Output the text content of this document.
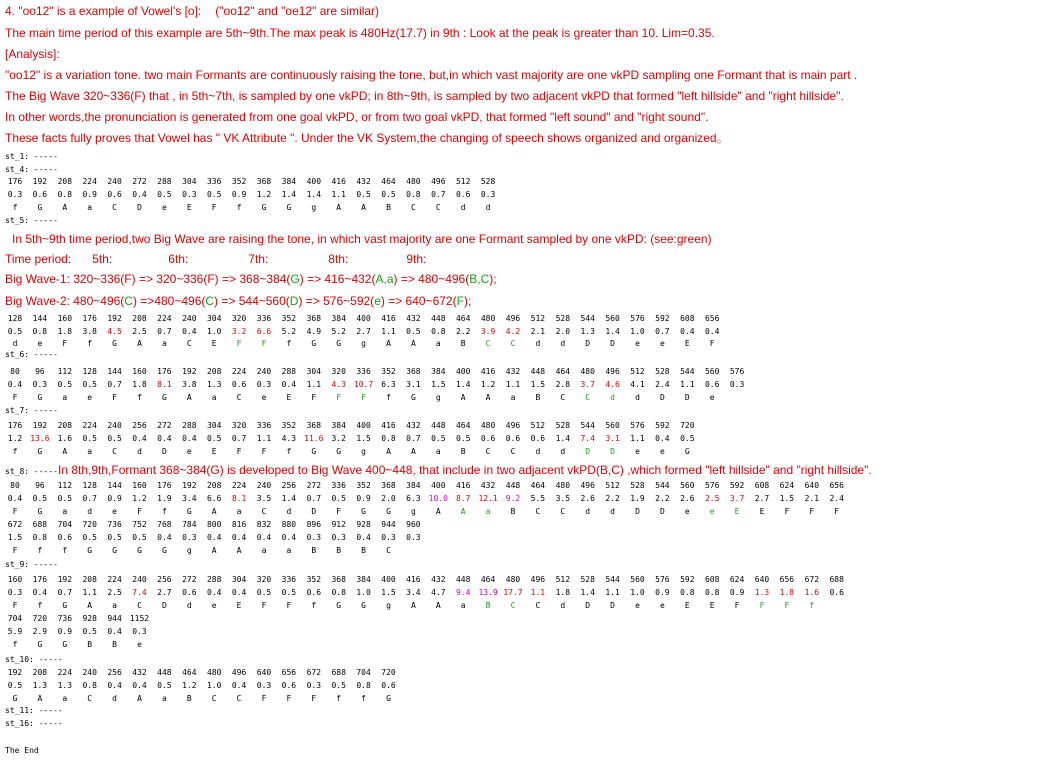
4. "oo12" is a example of Vowel's [o]: ("oo12" and "oe12" are similar)
The main time period of this example are 5th~9th.The max peak is 480Hz(17.7) in 9th : Look at the peak is greater than 10. Lim=0.35.
[Analysis]:
"oo12" is a variation tone. two main Formants are continuously raising the tone, but,in which vast majority are one vkPD sampling one Formant that is main part .
The Big Wave 320~336(F) that , in 5th~7th, is sampled by one vkPD; in 8th~9th, is sampled by two adjacent vkPD that formed "left hillside" and "right hillside".
In other words,the pronunciation is generated from one goal vkPD, or from two goal vkPD, that formed "left sound" and "right sound".
These facts fully proves that Vowel has " VK Attribute ". Under the VK System,the changing of speech shows organized and organized。
st_1: -----
st_4: -----
176	192	208	224	240	272	288	304	336	352	368	384	400	416	432	464	480	496	512	528
0.3	0.6	0.8	0.9	0.6	0.4	0.5	0.3	0.5	0.9	1.2	1.4	1.4	1.1	0.5	0.5	0.8	0.7	0.6	0.3
f	G	A	a	C	D	e	E	F	f	G	G	g	A	A	B	C	C	d	d
st_5: -----
In 5th~9th time period,two Big Wave are raising the tone, in which vast majority are one Formant sampled by one vkPD: (see:green)
Time period: 5th:	6th:	7th:	8th:	9th:
Big Wave-1: 320~336(F) => 320~336(F) => 368~384(G) => 416~432(A,a) => 480~496(B,C);
Big Wave-2: 480~496(C) =>480~496(C) => 544~560(D) => 576~592(e) => 640~672(F);
128	144	160	176	192	208	224	240	304	320	336	352	368	384	400	416	432	448	464	480	496	512	528	544	560	576	592	608	656
0.5	0.8	1.8	3.8	4.5	2.5	0.7	0.4	1.0	3.2	6.6	5.2	4.9	5.2	2.7	1.1	0.5	0.8	2.2	3.9	4.2	2.1	2.0	1.3	1.4	1.0	0.7	0.4	0.4
d	e	F	f	G	A	a	C	E	F	F	f	G	G	g	A	A	a	B	C	C	d	d	D	D	e	e	E	F
st_6: -----
80	96	112	128	144	160	176	192	208	224	240	288	304	320	336	352	368	384	400	416	432	448	464	480	496	512	528	544	560	576
0.4	0.3	0.5	0.5	0.7	1.8	8.1	3.8	1.3	0.6	0.3	0.4	1.1	4.3	10.7	6.3	3.1	1.5	1.4	1.2	1.1	1.5	2.8	3.7	4.6	4.1	2.4	1.1	0.6	0.3
F	G	a	e	F	f	G	A	a	C	e	E	F	F	F	f	G	g	A	A	a	B	C	C	d	d	D	D	e
st_7: -----
176	192	208	224	240	256	272	288	304	320	336	352	368	384	400	416	432	448	464	480	496	512	528	544	560	576	592	720
1.2	13.6	1.6	0.5	0.5	0.4	0.4	0.4	0.5	0.7	1.1	4.3	11.6	3.2	1.5	0.8	0.7	0.5	0.5	0.6	0.6	0.6	1.4	7.4	3.1	1.1	0.4	0.5
f	G	A	a	C	d	D	e	E	F	F	f	G	G	g	A	A	a	B	C	C	d	d	D	D	e	e	G
st_8: -----In 8th,9th,Formant 368~384(G) is developed to Big Wave 400~448, that include in two adjacent vkPD(B,C) ,which formed "left hillside" and "right hillside".
80	96	112	128	144	160	176	192	208	224	240	256	272	336	352	368	384	400	416	432	448	464	480	496	512	528	544	560	576	592	608	624	640	656
0.4	0.5	0.5	0.7	0.9	1.2	1.9	3.4	6.6	8.1	3.5	1.4	0.7	0.5	0.9	2.0	6.3	10.0	8.7	12.1	9.2	5.5	3.5	2.6	2.2	1.9	2.2	2.6	2.5	3.7	2.7	1.5	2.1	2.4
F	G	a	d	e	F	f	G	A	a	C	d	D	F	G	G	g	A	A	a	B	C	C	d	d	D	D	e	e	E	E	F	F	F
672	688	704	720	736	752	768	784	800	816	832	880	896	912	928	944	960
1.5	0.8	0.6	0.5	0.5	0.5	0.4	0.3	0.4	0.4	0.4	0.4	0.3	0.3	0.4	0.3	0.3
F	f	f	G	G	G	G	g	A	A	a	a	B	B	B	C
st_9: -----
160	176	192	208	224	240	256	272	288	304	320	336	352	368	384	400	416	432	448	464	480	496	512	528	544	560	576	592	608	624	640	656	672	688
0.3	0.4	0.7	1.1	2.5	7.4	2.7	0.6	0.4	0.4	0.5	0.5	0.6	0.8	1.0	1.5	3.4	4.7	9.4	13.9 17.7	1.1	1.8	1.4	1.1	1.0	0.9	0.8	0.8	0.9	1.3	1.8	1.6	0.6
F	f	G	A	a	C	D	d	e	E	F	F	f	G	G	g	A	A	a	B	C	C	d	D	D	e	e	E	E	F	F	F	f
704	720	736	928	944	1152
5.9	2.9	0.9	0.5	0.4	0.3
f	G	G	B	B	e
st_10: -----
192	208	224	240	256	432	448	464	480	496	640	656	672	688	704	720
0.5	1.3	1.3	0.8	0.4	0.4	0.5	1.2	1.0	0.4	0.3	0.6	0.3	0.5	0.8	0.6
G	A	a	C	d	A	a	B	C	C	F	F	F	f	f	G
st_11: -----
st_16: -----
The End
